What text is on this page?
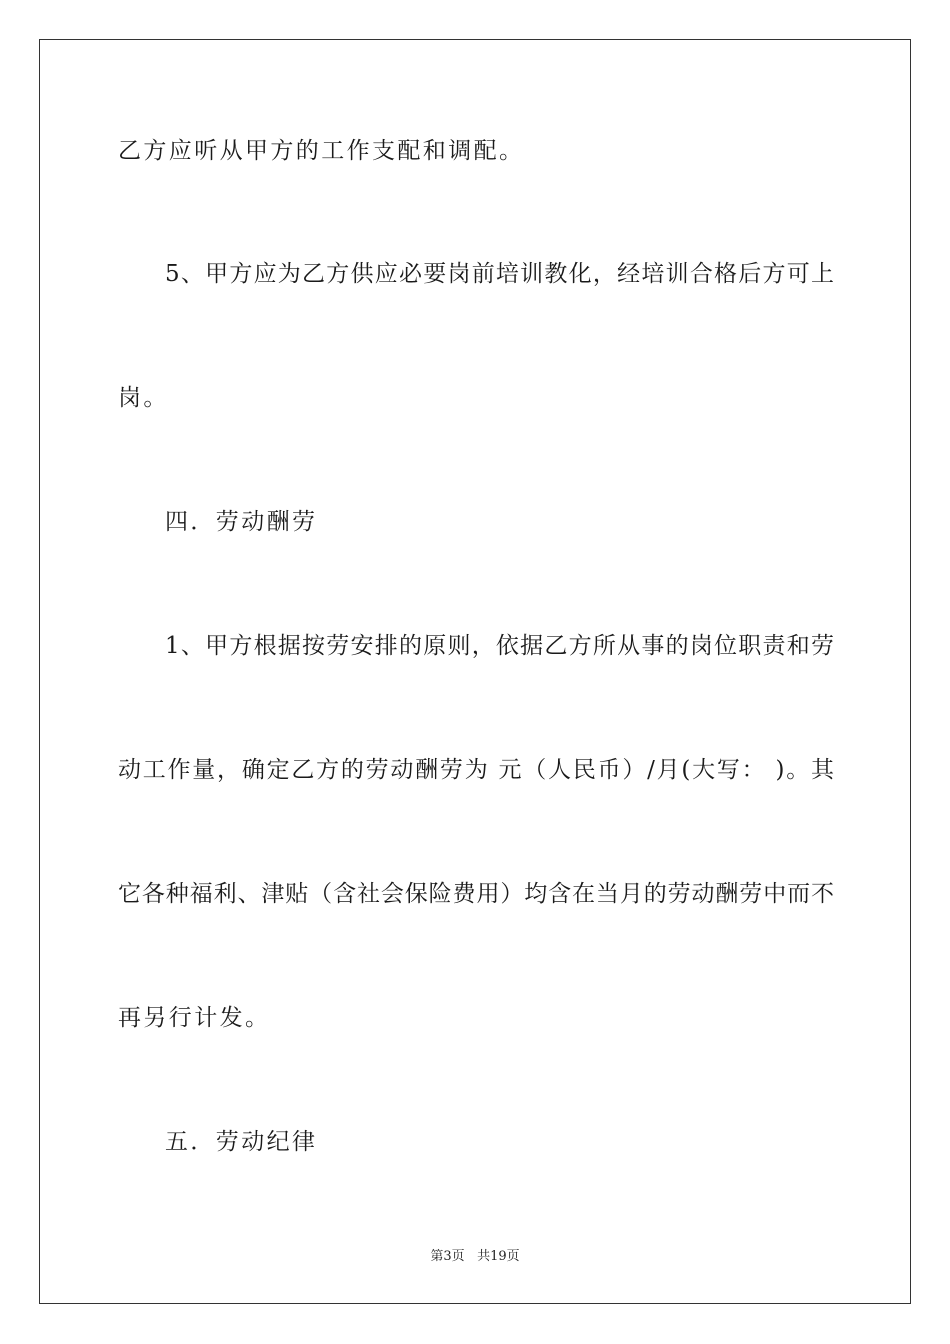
乙方应听从甲方的工作支配和调配。
5、甲方应为乙方供应必要岗前培训教化，经培训合格后方可上
岗。
四．劳动酬劳
1、甲方根据按劳安排的原则，依据乙方所从事的岗位职责和劳
动工作量，确定乙方的劳动酬劳为 元（人民币）/月(大写： )。其
它各种福利、津贴（含社会保险费用）均含在当月的劳动酬劳中而不
再另行计发。
五．劳动纪律
第3页 共19页
